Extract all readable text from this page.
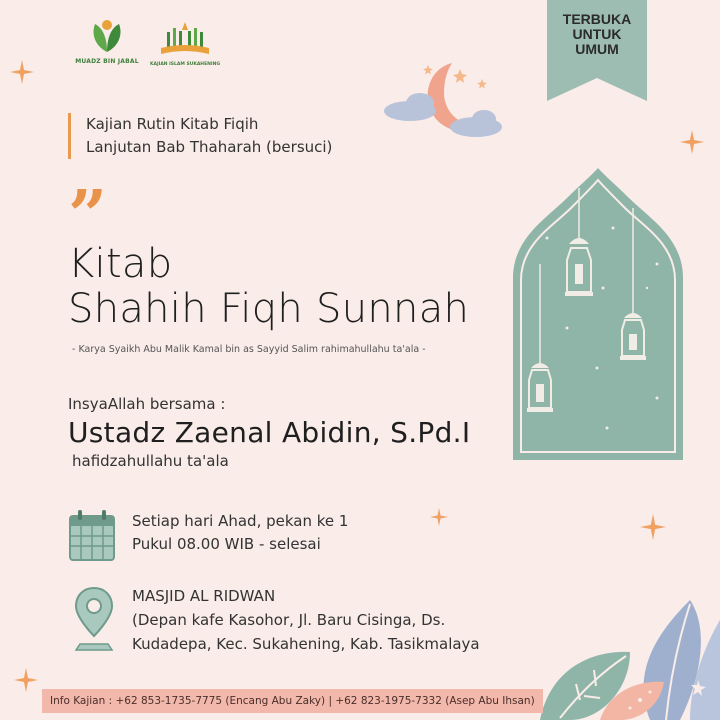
MUADZ BIN JABAL KAJIAN ISLAM SUKAHENING
TERBUKA
UNTUK
UMUM
Kajian Rutin Kitab Fiqih
Lanjutan Bab Thaharah (bersuci)
”
Kitab
Shahih Fiqh Sunnah
- Karya Syaikh Abu Malik Kamal bin as Sayyid Salim rahimahullahu ta'ala -
InsyaAllah bersama :
Ustadz Zaenal Abidin, S.Pd.I
hafidzahullahu ta'ala
Setiap hari Ahad, pekan ke 1
Pukul 08.00 WIB - selesai
MASJID AL RIDWAN
(Depan kafe Kasohor, Jl. Baru Cisinga, Ds.
Kudadepa, Kec. Sukahening, Kab. Tasikmalaya
Info Kajian : +62 853-1735-7775 (Encang Abu Zaky) | +62 823-1975-7332 (Asep Abu Ihsan)
